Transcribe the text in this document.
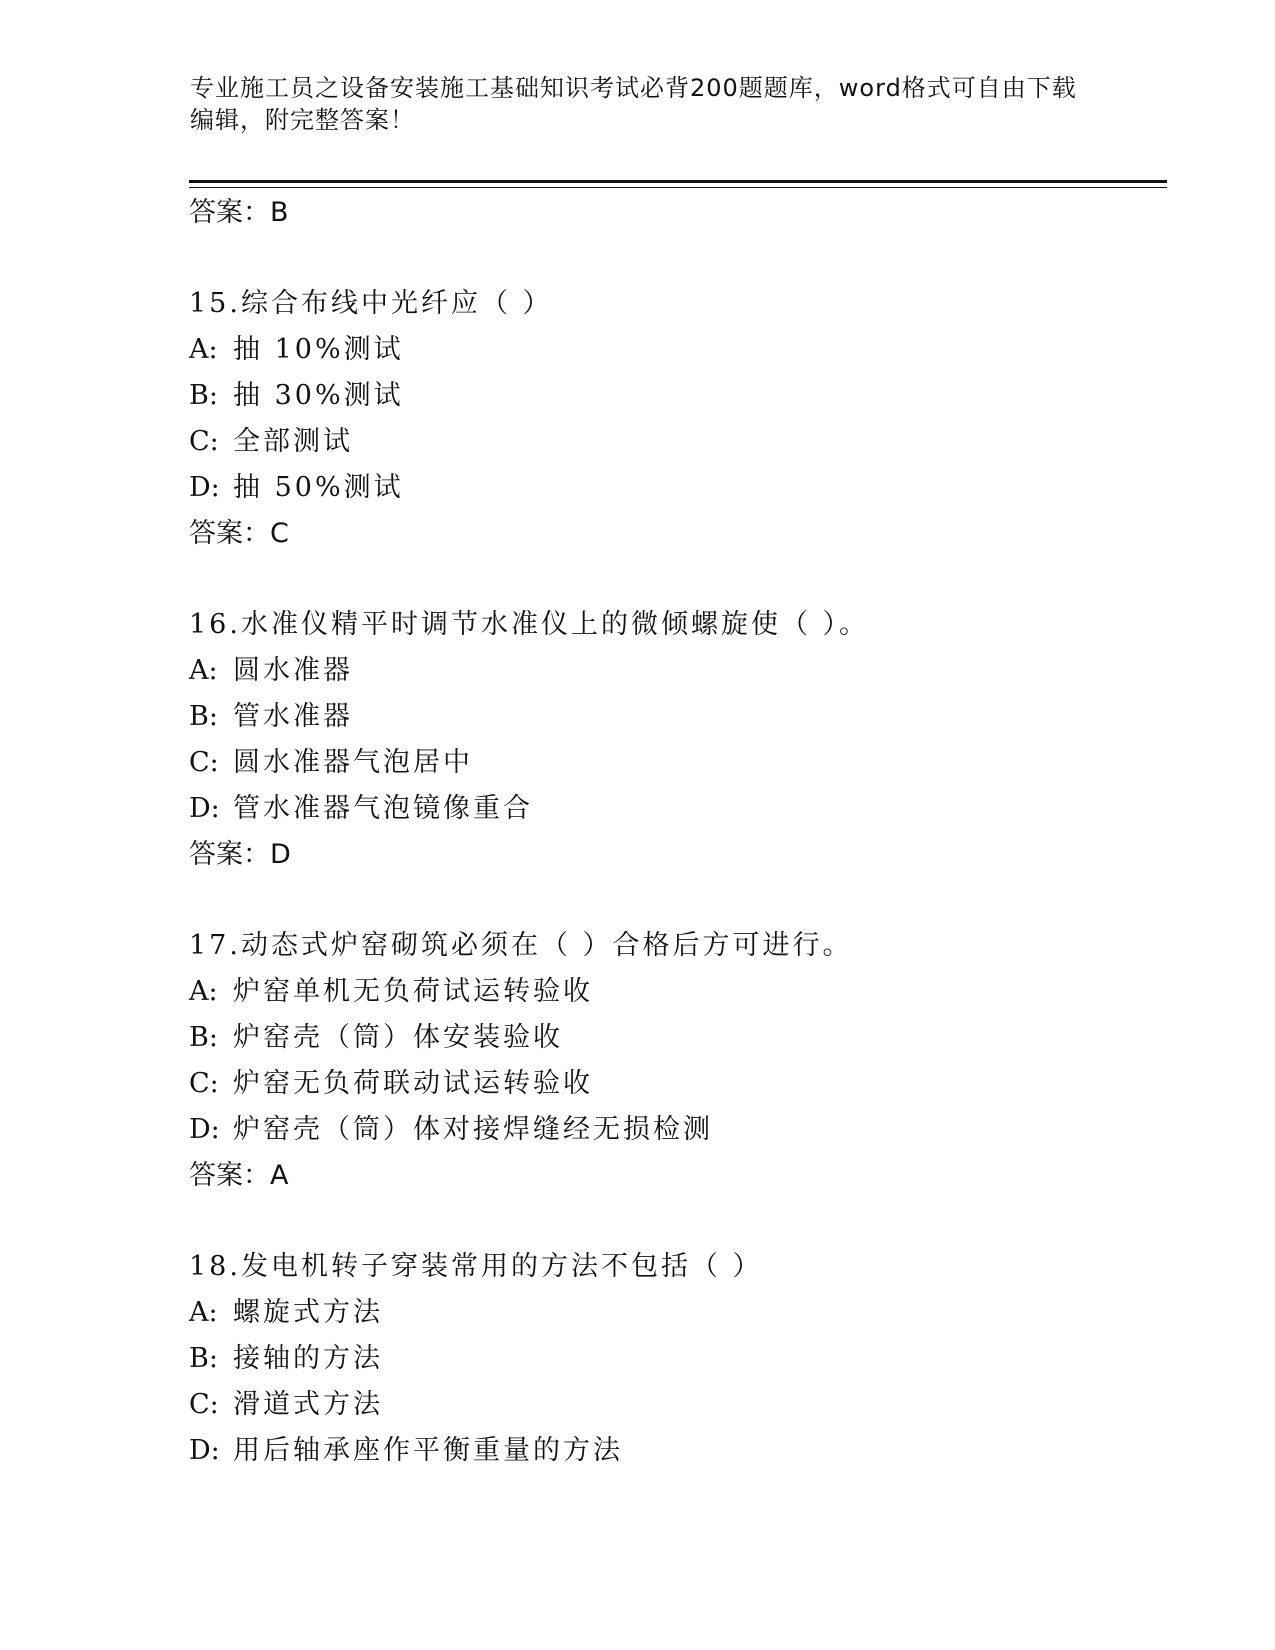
专业施工员之设备安装施工基础知识考试必背200题题库，word格式可自由下载
编辑，附完整答案！
答案：B
15.综合布线中光纤应（ ）
A: 抽 10%测试
B: 抽 30%测试
C: 全部测试
D: 抽 50%测试
答案：C
16.水准仪精平时调节水准仪上的微倾螺旋使（ ）。
A: 圆水准器
B: 管水准器
C: 圆水准器气泡居中
D: 管水准器气泡镜像重合
答案：D
17.动态式炉窑砌筑必须在（ ）合格后方可进行。
A: 炉窑单机无负荷试运转验收
B: 炉窑壳（筒）体安装验收
C: 炉窑无负荷联动试运转验收
D: 炉窑壳（筒）体对接焊缝经无损检测
答案：A
18.发电机转子穿装常用的方法不包括（ ）
A: 螺旋式方法
B: 接轴的方法
C: 滑道式方法
D: 用后轴承座作平衡重量的方法
